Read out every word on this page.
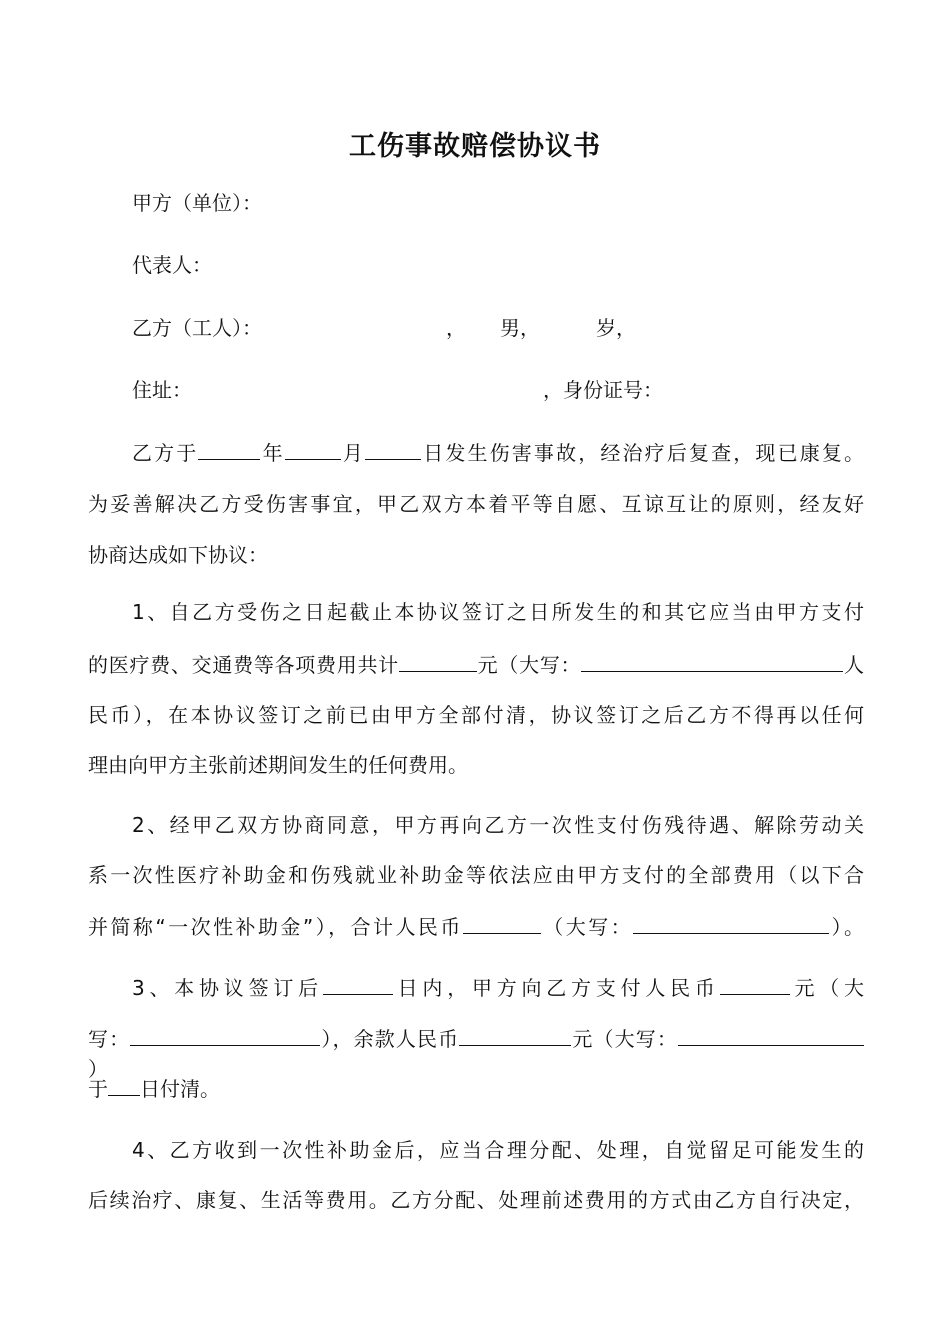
工伤事故赔偿协议书
甲方（单位）：
代表人：
乙方（工人）：	， 男，	岁，
住址：	，身份证号：
乙方于	年	月	日发生伤害事故，经治疗后复查，现已康复。
为妥善解决乙方受伤害事宜，甲乙双方本着平等自愿、互谅互让的原则，经友好
协商达成如下协议：
1、自乙方受伤之日起截止本协议签订之日所发生的和其它应当由甲方支付
的医疗费、交通费等各项费用共计	元（大写：	人
民币），在本协议签订之前已由甲方全部付清，协议签订之后乙方不得再以任何
理由向甲方主张前述期间发生的任何费用。
2、经甲乙双方协商同意，甲方再向乙方一次性支付伤残待遇、解除劳动关
系一次性医疗补助金和伤残就业补助金等依法应由甲方支付的全部费用（以下合
并简称“一次性补助金”），合计人民币	（大写：	）。
3、本协议签订后	日内，甲方向乙方支付人民币	元（大
写：	），余款人民币	元（大写：）
于 日付清。
4、乙方收到一次性补助金后，应当合理分配、处理，自觉留足可能发生的
后续治疗、康复、生活等费用。乙方分配、处理前述费用的方式由乙方自行决定，
